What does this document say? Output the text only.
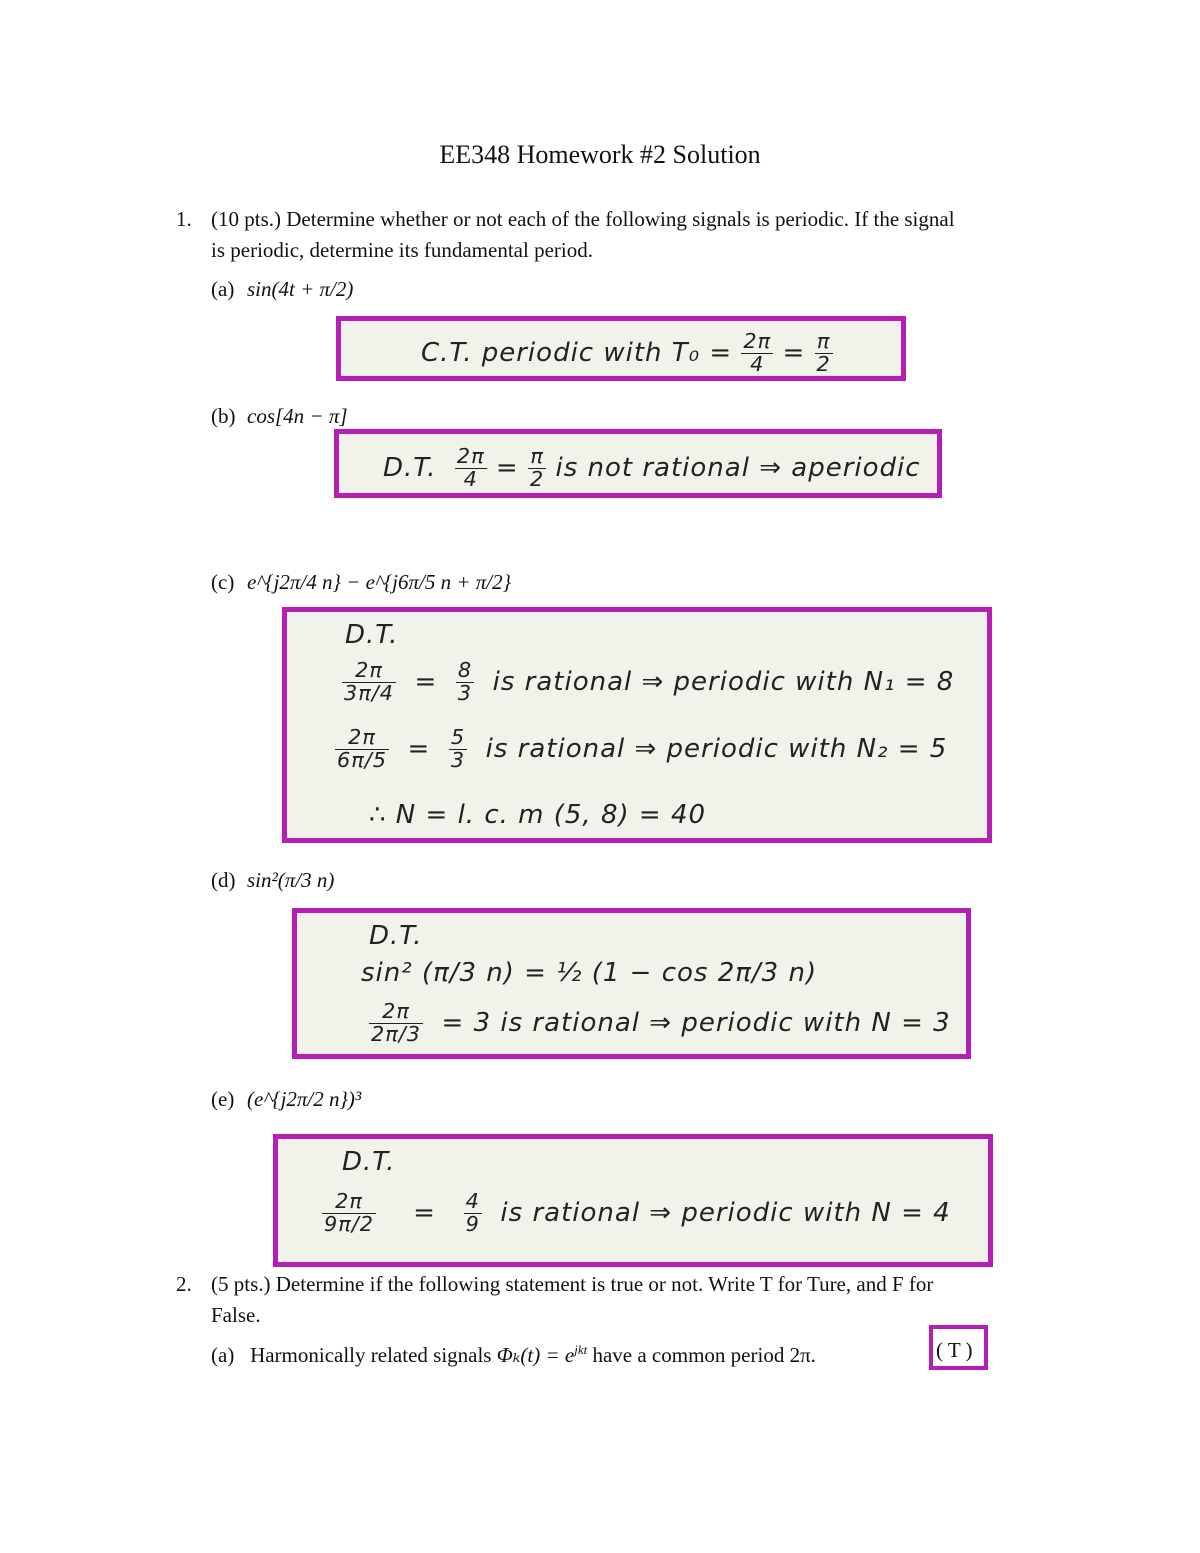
EE348 Homework #2 Solution
1. (10 pts.) Determine whether or not each of the following signals is periodic. If the signal
is periodic, determine its fundamental period.
(a) sin(4t + π/2)
C.T. periodic with $T_0 = \frac{2\pi}{4} = \frac{\pi}{2}$
(b) cos[4n − π]
D.T. $\frac{2\pi}{4} = \frac{\pi}{2}$ is not rational ⇒ aperiodic
(c) e^{j2π/4 n} − e^{j6π/5 n + π/2}
D.T.
$\frac{2\pi}{3\pi/4} = \frac{8}{3}$ is rational ⇒ periodic with N₁ = 8
$\frac{2\pi}{6\pi/5} = \frac{5}{3}$ is rational ⇒ periodic with N₂ = 5
∴ N = l. c. m (5, 8) = 40
(d) sin²(π/3 n)
D.T.
sin² (π/3 n) = ½ (1 − cos 2π/3 n)
$\frac{2\pi}{2\pi/3} = 3$ is rational ⇒ periodic with N = 3
(e) (e^{j2π/2 n})³
D.T.
$\frac{2\pi}{9\pi/2} = \frac{4}{9}$ is rational ⇒ periodic with N = 4
2. (5 pts.) Determine if the following statement is true or not. Write T for Ture, and F for
False.
(a) Harmonically related signals $\Phi_k(t) = e^{jkt}$ have a common period 2π.	( T )
